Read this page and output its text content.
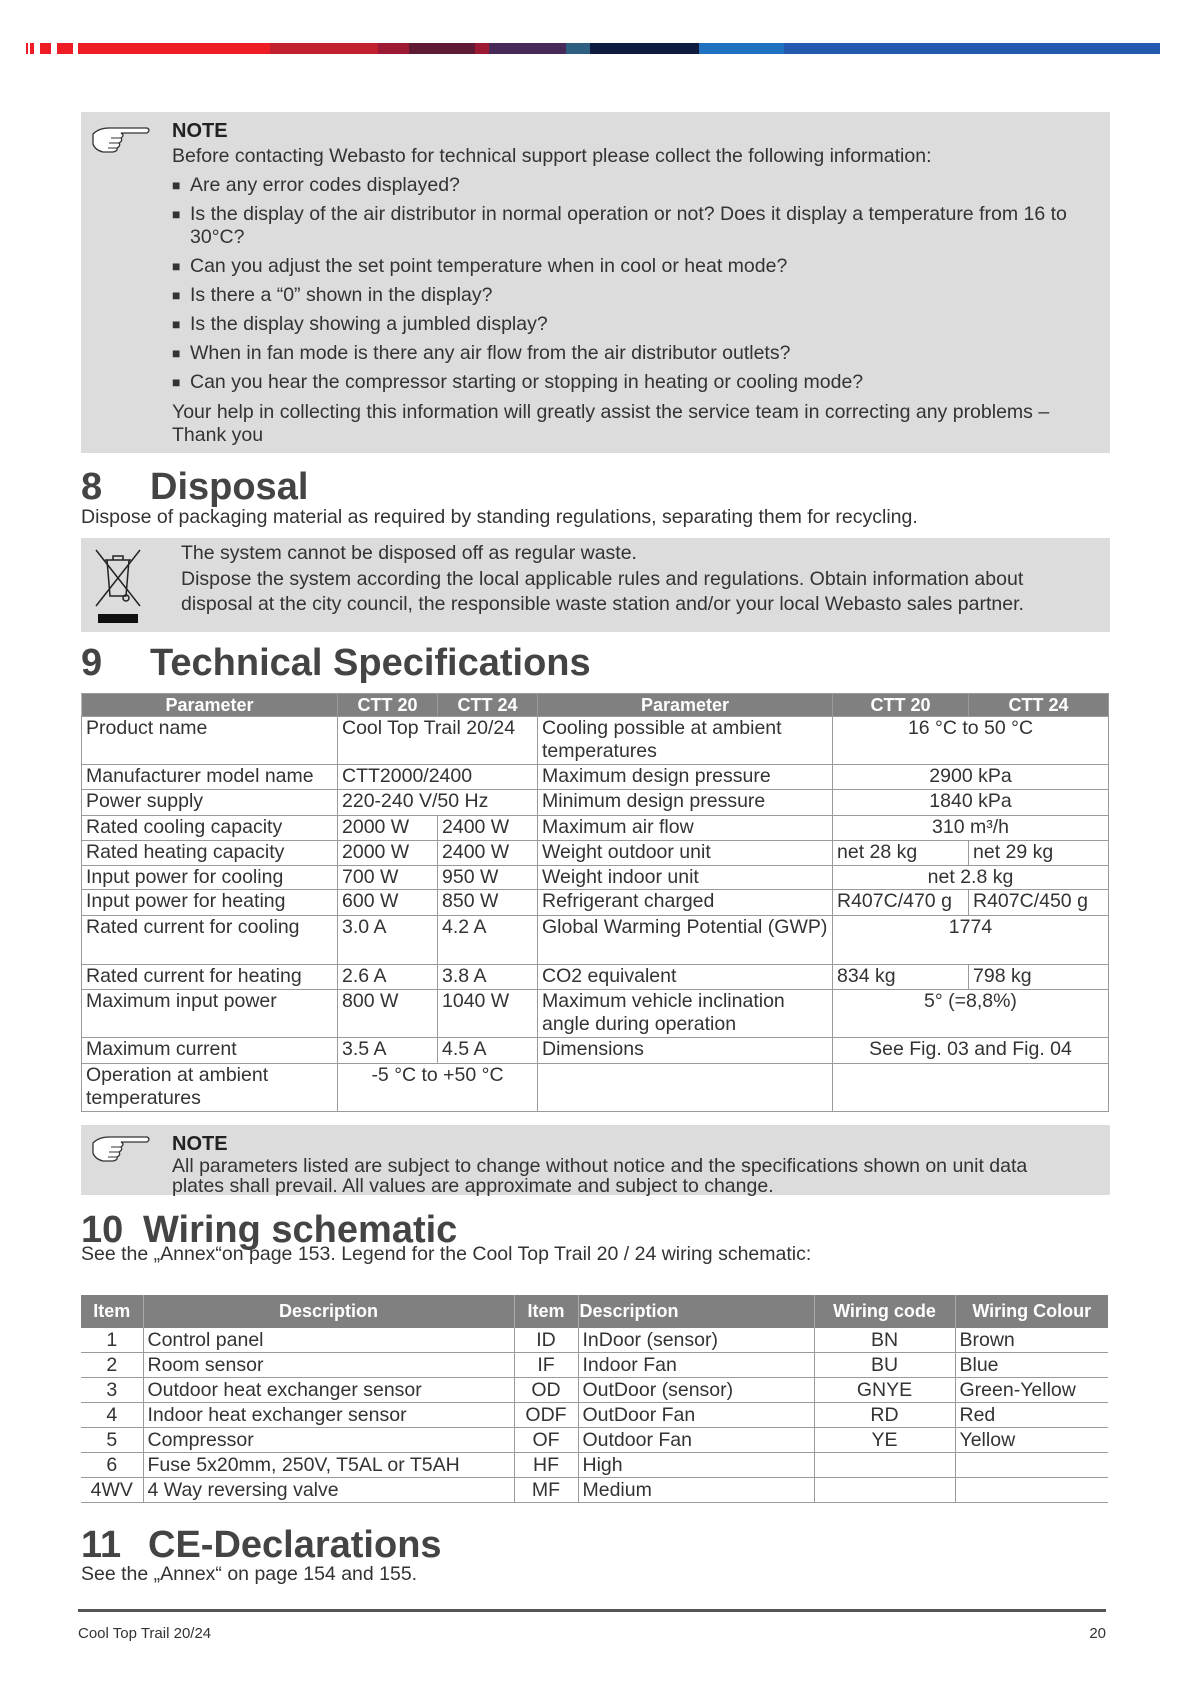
NOTE

Before contacting Webasto for technical support please collect the following information:

■ Are any error codes displayed?

■ Is the display of the air distributor in normal operation or not? Does it display a temperature from 16 to 30°C?

■ Can you adjust the set point temperature when in cool or heat mode?

■ Is there a “0” shown in the display?

■ Is the display showing a jumbled display?

■ When in fan mode is there any air flow from the air distributor outlets?

■ Can you hear the compressor starting or stopping in heating or cooling mode?

Your help in collecting this information will greatly assist the service team in correcting any problems – Thank you

8 Disposal
Dispose of packaging material as required by standing regulations, separating them for recycling.
The system cannot be disposed off as regular waste.
Dispose the system according the local applicable rules and regulations. Obtain information about
disposal at the city council, the responsible waste station and/or your local Webasto sales partner.
9 Technical Specifications
Parameter	CTT 20	CTT 24	Parameter	CTT 20	CTT 24
Product name	Cool Top Trail 20/24		Cooling possible at ambient temperatures	16 °C to 50 °C	
Manufacturer model name	CTT2000/2400		Maximum design pressure	2900 kPa	
Power supply	220-240 V/50 Hz		Minimum design pressure	1840 kPa	
Rated cooling capacity	2000 W	2400 W	Maximum air flow	310 m³/h	
Rated heating capacity	2000 W	2400 W	Weight outdoor unit	net 28 kg	net 29 kg
Input power for cooling	700 W	950 W	Weight indoor unit	net 2.8 kg	
Input power for heating	600 W	850 W	Refrigerant charged	R407C/470 g	R407C/450 g
Rated current for cooling	3.0 A	4.2 A	Global Warming Potential (GWP)	1774	
Rated current for heating	2.6 A	3.8 A	CO2 equivalent	834 kg	798 kg
Maximum input power	800 W	1040 W	Maximum vehicle inclination angle during operation	5° (=8,8%)	
Maximum current	3.5 A	4.5 A	Dimensions	See Fig. 03 and Fig. 04	
Operation at ambient temperatures	-5 °C to +50 °C				
NOTE
All parameters listed are subject to change without notice and the specifications shown on unit data
plates shall prevail. All values are approximate and subject to change.
10 Wiring schematic
See the „Annex“on page 153. Legend for the Cool Top Trail 20 / 24 wiring schematic:
Item	Description	Item	Description	Wiring code	Wiring Colour
1	Control panel	ID	InDoor (sensor)	BN	Brown
2	Room sensor	IF	Indoor Fan	BU	Blue
3	Outdoor heat exchanger sensor	OD	OutDoor (sensor)	GNYE	Green-Yellow
4	Indoor heat exchanger sensor	ODF	OutDoor Fan	RD	Red
5	Compressor	OF	Outdoor Fan	YE	Yellow
6	Fuse 5x20mm, 250V, T5AL or T5AH	HF	High		
4WV	4 Way reversing valve	MF	Medium		
11 CE-Declarations
See the „Annex“ on page 154 and 155.
Cool Top Trail 20/24	20
